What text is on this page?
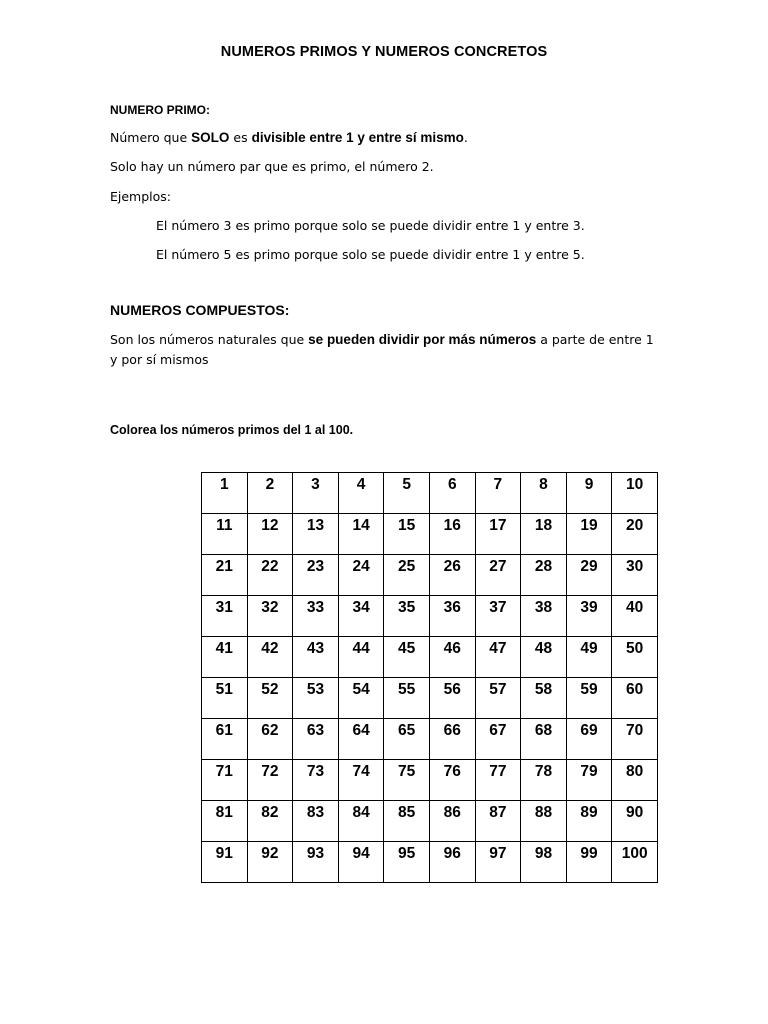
NUMEROS PRIMOS Y NUMEROS CONCRETOS
NUMERO PRIMO:
Número que SOLO es divisible entre 1 y entre sí mismo.
Solo hay un número par que es primo, el número 2.
Ejemplos:
El número 3 es primo porque solo se puede dividir entre 1 y entre 3.
El número 5 es primo porque solo se puede dividir entre 1 y entre 5.
NUMEROS COMPUESTOS:
Son los números naturales que se pueden dividir por más números a parte de entre 1 y por sí mismos
Colorea los números primos del 1 al 100.
1	2	3	4	5	6	7	8	9	10
11	12	13	14	15	16	17	18	19	20
21	22	23	24	25	26	27	28	29	30
31	32	33	34	35	36	37	38	39	40
41	42	43	44	45	46	47	48	49	50
51	52	53	54	55	56	57	58	59	60
61	62	63	64	65	66	67	68	69	70
71	72	73	74	75	76	77	78	79	80
81	82	83	84	85	86	87	88	89	90
91	92	93	94	95	96	97	98	99	100
